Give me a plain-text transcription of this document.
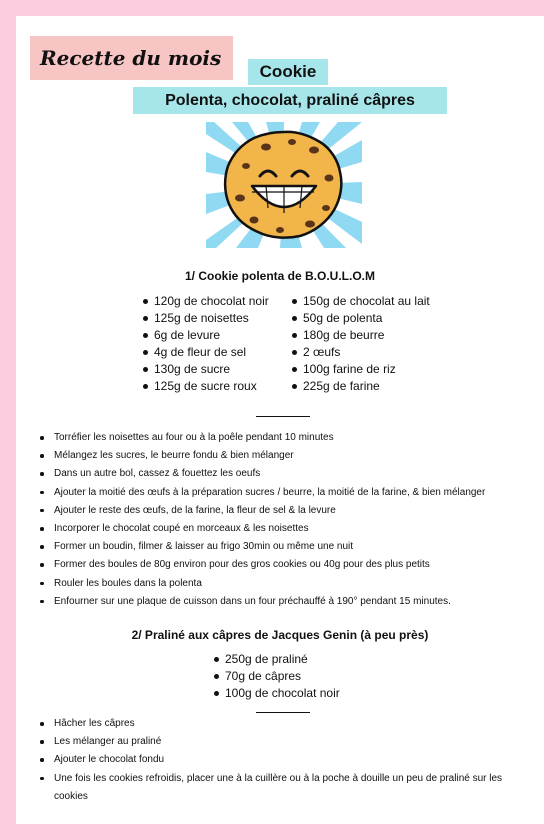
Recette du mois
Cookie
Polenta, chocolat, praliné câpres
1/ Cookie polenta de B.O.U.L.O.M
120g de chocolat noir
125g de noisettes
6g de levure
4g de fleur de sel
130g de sucre
125g de sucre roux
150g de chocolat au lait
50g de polenta
180g de beurre
2 œufs
100g farine de riz
225g de farine
Torréfier les noisettes au four ou à la poêle pendant 10 minutes
Mélangez les sucres, le beurre fondu & bien mélanger
Dans un autre bol, cassez & fouettez les oeufs
Ajouter la moitié des œufs à la préparation sucres / beurre, la moitié de la farine, & bien mélanger
Ajouter le reste des œufs, de la farine, la fleur de sel & la levure
Incorporer le chocolat coupé en morceaux & les noisettes
Former un boudin, filmer & laisser au frigo 30min ou même une nuit
Former des boules de 80g environ pour des gros cookies ou 40g pour des plus petits
Rouler les boules dans la polenta
Enfourner sur une plaque de cuisson dans un four préchauffé à 190° pendant 15 minutes.
2/ Praliné aux câpres de Jacques Genin (à peu près)
250g de praliné
70g de câpres
100g de chocolat noir
Hâcher les câpres
Les mélanger au praliné
Ajouter le chocolat fondu
Une fois les cookies refroidis, placer une à la cuillère ou à la poche à douille un peu de praliné sur les cookies
